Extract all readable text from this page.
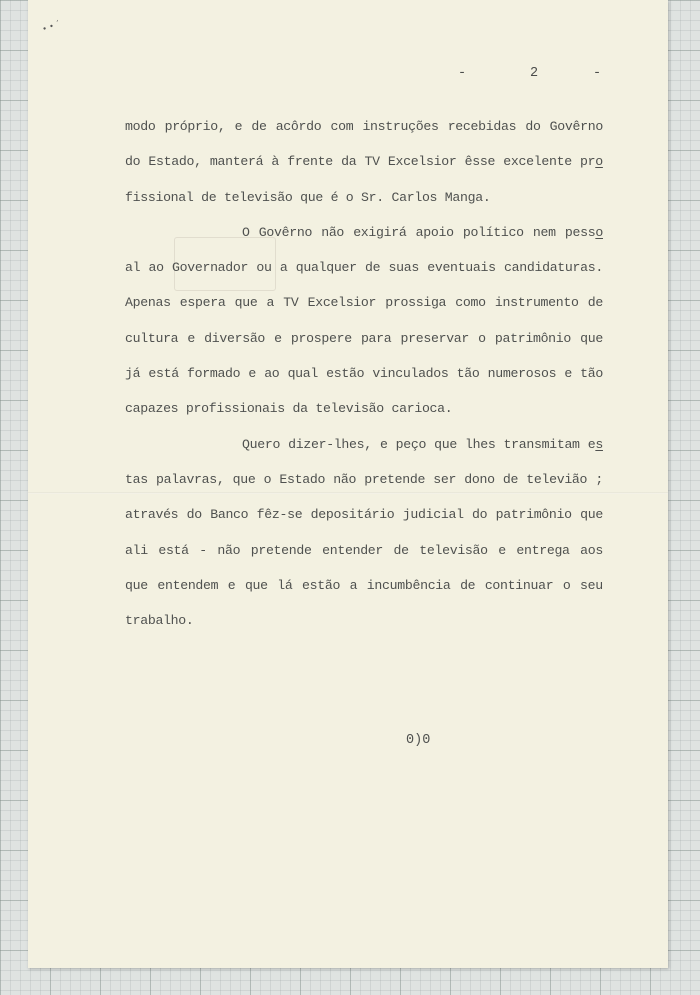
• • ´
-	2	-
modo próprio, e de acôrdo com instruções recebidas do Govêrno
do Estado, manterá à frente da TV Excelsior êsse excelente pro
fissional de televisão que é o Sr. Carlos Manga.
O Govêrno não exigirá apoio político nem pesso
al ao Governador ou a qualquer de suas eventuais candidaturas.
Apenas espera que a TV Excelsior prossiga como instrumento de
cultura e diversão e prospere para preservar o patrimônio que
já está formado e ao qual estão vinculados tão numerosos e tão
capazes profissionais da televisão carioca.
Quero dizer-lhes, e peço que lhes transmitam es
tas palavras, que o Estado não pretende ser dono de televião ;
através do Banco fêz-se depositário judicial do patrimônio que
ali está - não pretende entender de televisão e entrega aos
que entendem e que lá estão a incumbência de continuar o seu
trabalho.
0)0
